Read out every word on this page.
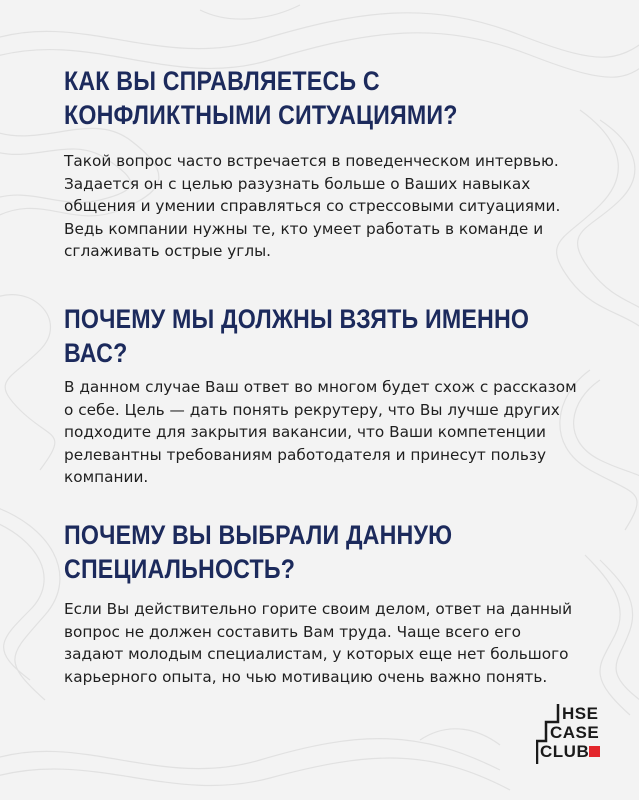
КАК ВЫ СПРАВЛЯЕТЕСЬ С КОНФЛИКТНЫМИ СИТУАЦИЯМИ?

Такой вопрос часто встречается в поведенческом интервью. Задается он с целью разузнать больше о Ваших навыках общения и умении справляться со стрессовыми ситуациями. Ведь компании нужны те, кто умеет работать в команде и сглаживать острые углы.

ПОЧЕМУ МЫ ДОЛЖНЫ ВЗЯТЬ ИМЕННО ВАС?

В данном случае Ваш ответ во многом будет схож с рассказом о себе. Цель — дать понять рекрутеру, что Вы лучше других подходите для закрытия вакансии, что Ваши компетенции релевантны требованиям работодателя и принесут пользу компании.

ПОЧЕМУ ВЫ ВЫБРАЛИ ДАННУЮ СПЕЦИАЛЬНОСТЬ?

Если Вы действительно горите своим делом, ответ на данный вопрос не должен составить Вам труда. Чаще всего его задают молодым специалистам, у которых еще нет большого карьерного опыта, но чью мотивацию очень важно понять.

HSE
CASE
CLUB
